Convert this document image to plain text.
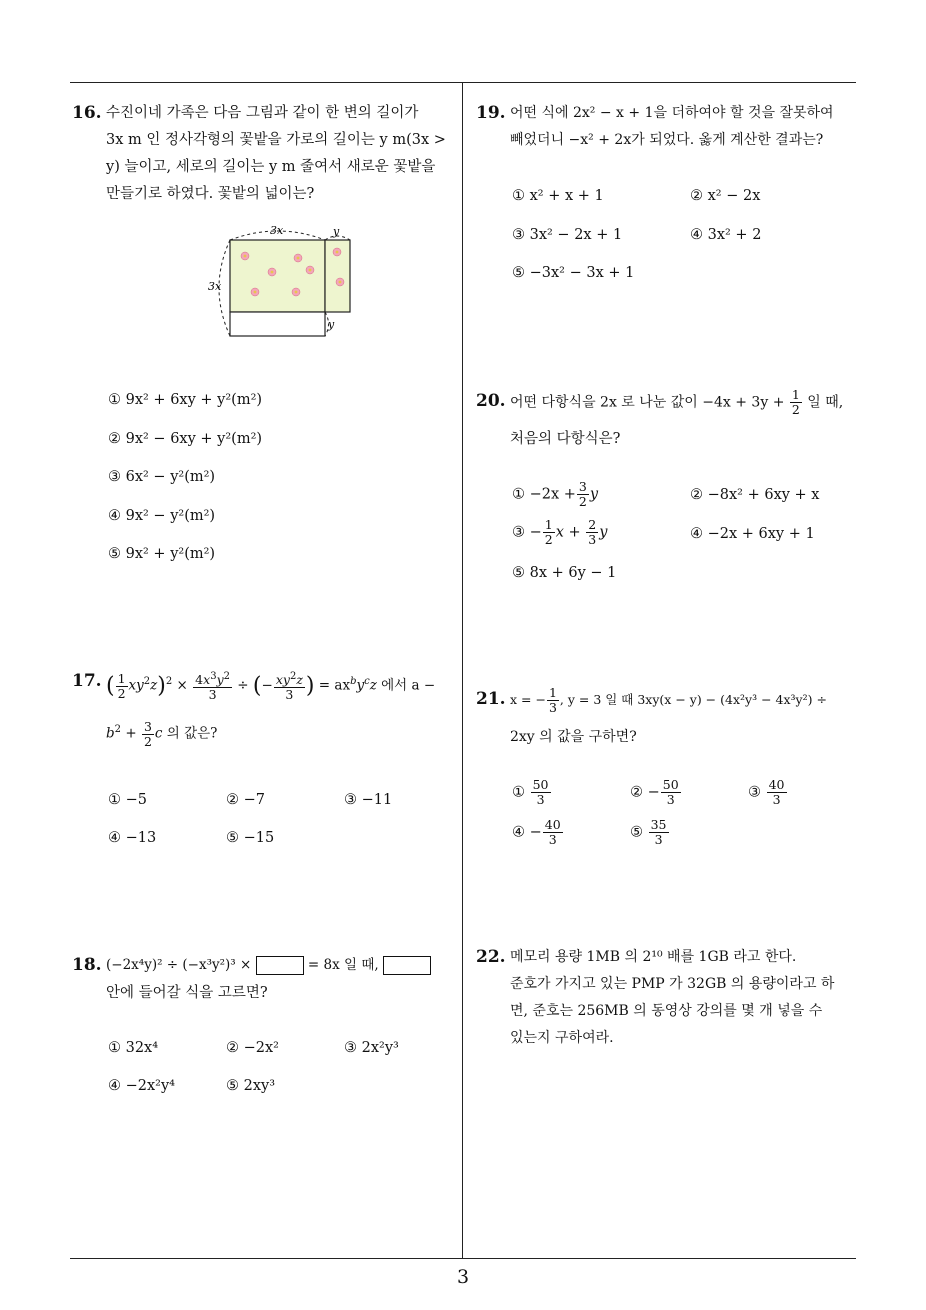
16. 수진이네 가족은 다음 그림과 같이 한 변의 길이가
3x m 인 정사각형의 꽃밭을 가로의 길이는 y m(3x >
y) 늘이고, 세로의 길이는 y m 줄여서 새로운 꽃밭을
만들기로 하였다. 꽃밭의 넓이는?
3x	y
3x
y
① 9x² + 6xy + y²(m²)
② 9x² − 6xy + y²(m²)
③ 6x² − y²(m²)
④ 9x² − y²(m²)
⑤ 9x² + y²(m²)
17. ( $\frac{1}{2} xy^2z)^2 \times \frac{4x^3y^2}{3}$ ÷ (− $\frac{xy^2z}{3}$ ) = $ax^by^cz$ 에서 a −
$b^2 + \frac{3}{2}$ c 의 값은?
① −5	② −7	③ −11
④ −13	⑤ −15
18. (−2x⁴y)² ÷ (−x³y²)³ ×	= 8x 일 때,
안에 들어갈 식을 고르면?
① 32x⁴	② −2x²	③ 2x²y³
④ −2x²y⁴	⑤ 2xy³
19. 어떤 식에 2x² − x + 1을 더하여야 할 것을 잘못하여
빼었더니 −x² + 2x가 되었다. 옳게 계산한 결과는?
① x² + x + 1	② x² − 2x
③ 3x² − 2x + 1	④ 3x² + 2
⑤ −3x² − 3x + 1
20. 어떤 다항식을 2x 로 나눈 값이 $-4x + 3y + \frac{1}{2}$ 일 때,
처음의 다항식은?
① $-2x + \frac{3}{2}$ y	② −8x² + 6xy + x
③ − $\frac{1}{2}$ $x + \frac{2}{3}$ y	④ −2x + 6xy + 1
⑤ 8x + 6y − 1
21. x = − $\frac{1}{3}$ , y = 3 일 때 3xy(x − y) − (4x²y³ − 4x³y²) ÷
2xy 의 값을 구하면?
① $\frac{50}{3}$	② − $\frac{50}{3}$	③ $\frac{40}{3}$
④ − $\frac{40}{3}$	⑤ $\frac{35}{3}$
22. 메모리 용량 1MB 의 2¹⁰ 배를 1GB 라고 한다.
준호가 가지고 있는 PMP 가 32GB 의 용량이라고 하
면, 준호는 256MB 의 동영상 강의를 몇 개 넣을 수
있는지 구하여라.
3
